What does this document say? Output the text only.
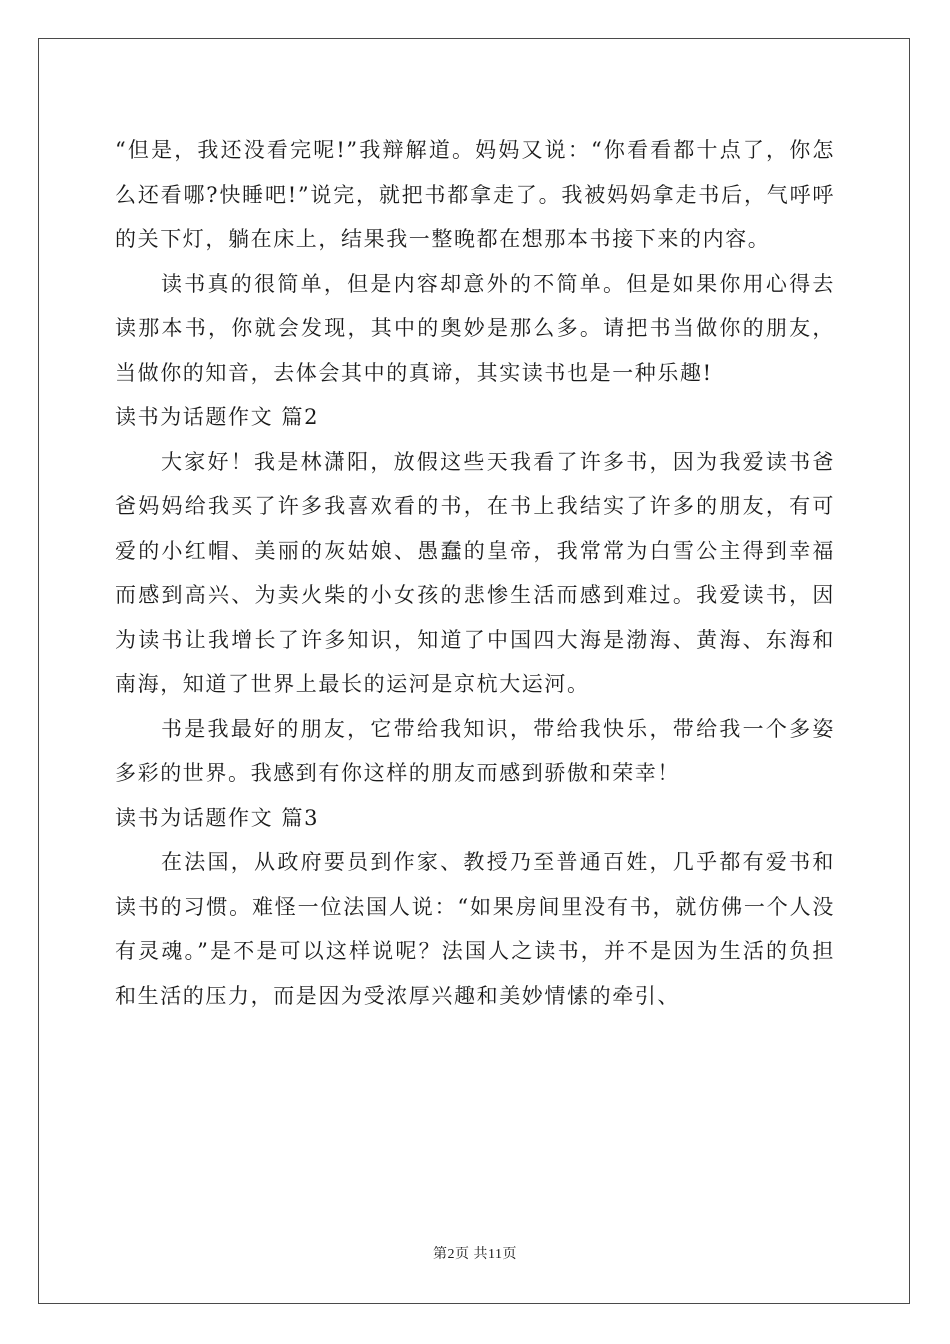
“但是，我还没看完呢!”我辩解道。妈妈又说：“你看看都十点了，你怎么还看哪?快睡吧!”说完，就把书都拿走了。我被妈妈拿走书后，气呼呼的关下灯，躺在床上，结果我一整晚都在想那本书接下来的内容。

读书真的很简单，但是内容却意外的不简单。但是如果你用心得去读那本书，你就会发现，其中的奥妙是那么多。请把书当做你的朋友，当做你的知音，去体会其中的真谛，其实读书也是一种乐趣!

读书为话题作文 篇2

大家好！我是林潇阳，放假这些天我看了许多书，因为我爱读书爸爸妈妈给我买了许多我喜欢看的书，在书上我结实了许多的朋友，有可爱的小红帽、美丽的灰姑娘、愚蠢的皇帝，我常常为白雪公主得到幸福而感到高兴、为卖火柴的小女孩的悲惨生活而感到难过。我爱读书，因为读书让我增长了许多知识，知道了中国四大海是渤海、黄海、东海和南海，知道了世界上最长的运河是京杭大运河。

书是我最好的朋友，它带给我知识，带给我快乐，带给我一个多姿多彩的世界。我感到有你这样的朋友而感到骄傲和荣幸！

读书为话题作文 篇3

在法国，从政府要员到作家、教授乃至普通百姓，几乎都有爱书和读书的习惯。难怪一位法国人说：“如果房间里没有书，就仿佛一个人没有灵魂。”是不是可以这样说呢？法国人之读书，并不是因为生活的负担和生活的压力，而是因为受浓厚兴趣和美妙情愫的牵引、

第2页 共11页
